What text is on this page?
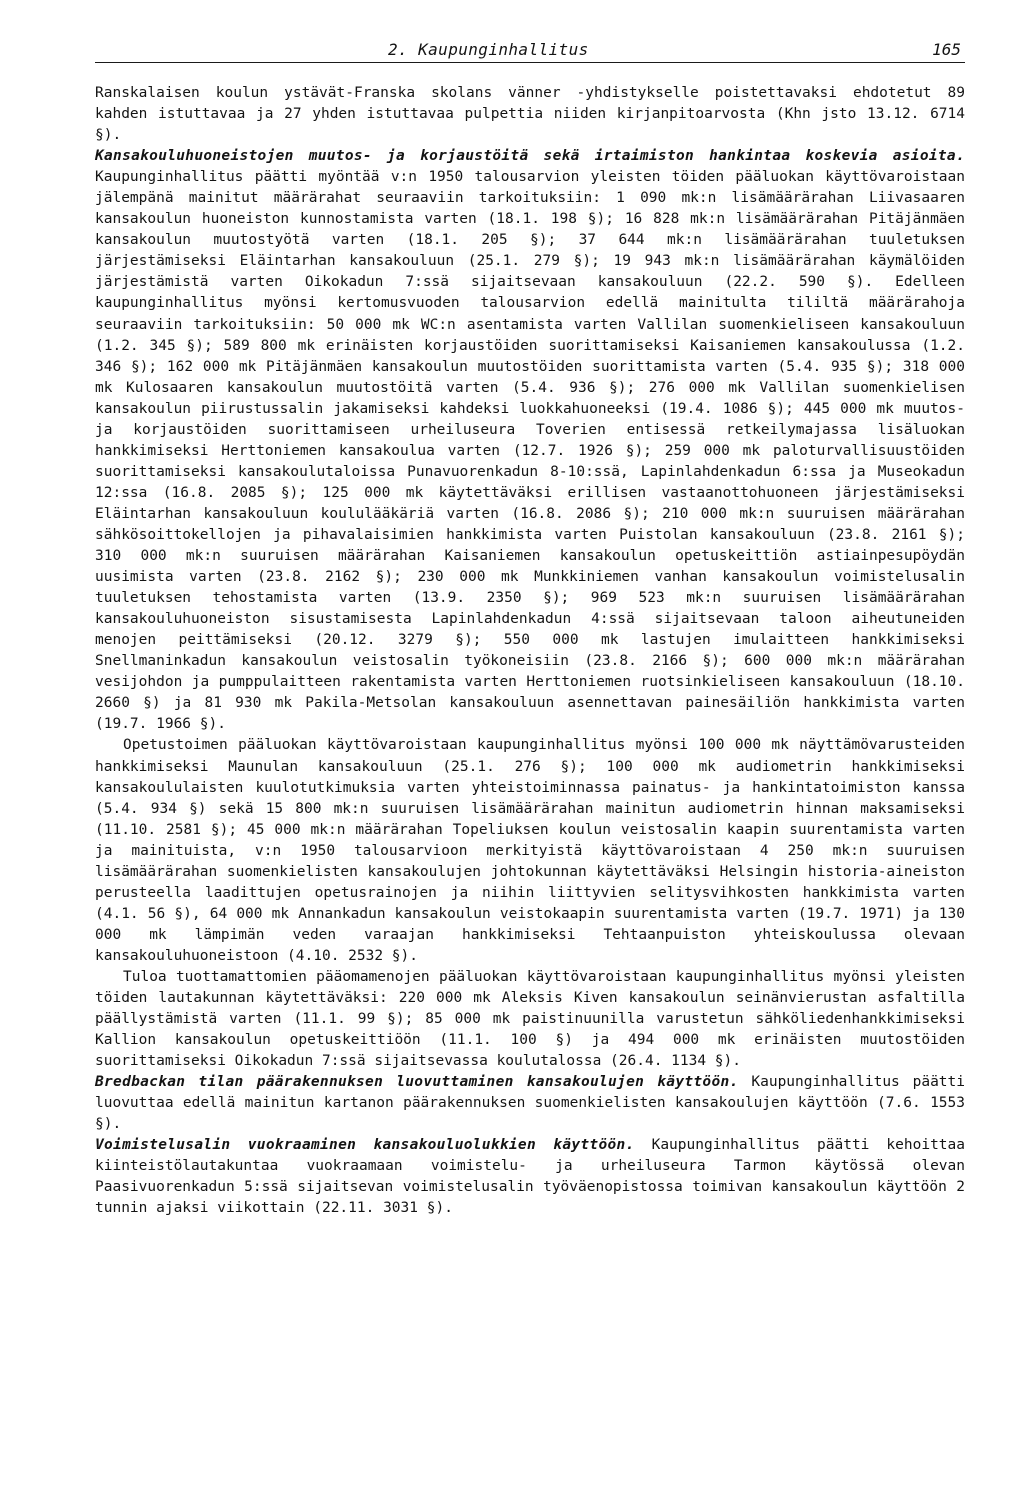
2. Kaupunginhallitus	165

Ranskalaisen koulun ystävät-Franska skolans vänner -yhdistykselle poistettavaksi ehdotetut 89 kahden istuttavaa ja 27 yhden istuttavaa pulpettia niiden kirjanpitoarvosta (Khn jsto 13.12. 6714 §).

Kansakouluhuoneistojen muutos- ja korjaustöitä sekä irtaimiston hankintaa koskevia asioita. Kaupunginhallitus päätti myöntää v:n 1950 talousarvion yleisten töiden pääluokan käyttövaroistaan jälempänä mainitut määrärahat seuraaviin tarkoituksiin: 1 090 mk:n lisämäärärahan Liivasaaren kansakoulun huoneiston kunnostamista varten (18.1. 198 §); 16 828 mk:n lisämäärärahan Pitäjänmäen kansakoulun muutostyötä varten (18.1. 205 §); 37 644 mk:n lisämäärärahan tuuletuksen järjestämiseksi Eläintarhan kansakouluun (25.1. 279 §); 19 943 mk:n lisämäärärahan käymälöiden järjestämistä varten Oikokadun 7:ssä sijaitsevaan kansakouluun (22.2. 590 §). Edelleen kaupunginhallitus myönsi kertomusvuoden talousarvion edellä mainitulta tililtä määrärahoja seuraaviin tarkoituksiin: 50 000 mk WC:n asentamista varten Vallilan suomenkieliseen kansakouluun (1.2. 345 §); 589 800 mk erinäisten korjaustöiden suorittamiseksi Kaisaniemen kansakoulussa (1.2. 346 §); 162 000 mk Pitäjänmäen kansakoulun muutostöiden suorittamista varten (5.4. 935 §); 318 000 mk Kulosaaren kansakoulun muutostöitä varten (5.4. 936 §); 276 000 mk Vallilan suomenkielisen kansakoulun piirustussalin jakamiseksi kahdeksi luokkahuoneeksi (19.4. 1086 §); 445 000 mk muutos- ja korjaustöiden suorittamiseen urheiluseura Toverien entisessä retkeilymajassa lisäluokan hankkimiseksi Herttoniemen kansakoulua varten (12.7. 1926 §); 259 000 mk paloturvallisuustöiden suorittamiseksi kansakoulutaloissa Punavuorenkadun 8-10:ssä, Lapinlahdenkadun 6:ssa ja Museokadun 12:ssa (16.8. 2085 §); 125 000 mk käytettäväksi erillisen vastaanottohuoneen järjestämiseksi Eläintarhan kansakouluun koululääkäriä varten (16.8. 2086 §); 210 000 mk:n suuruisen määrärahan sähkösoittokellojen ja pihavalaisimien hankkimista varten Puistolan kansakouluun (23.8. 2161 §); 310 000 mk:n suuruisen määrärahan Kaisaniemen kansakoulun opetuskeittiön astiainpesupöydän uusimista varten (23.8. 2162 §); 230 000 mk Munkkiniemen vanhan kansakoulun voimistelusalin tuuletuksen tehostamista varten (13.9. 2350 §); 969 523 mk:n suuruisen lisämäärärahan kansakouluhuoneiston sisustamisesta Lapinlahdenkadun 4:ssä sijaitsevaan taloon aiheutuneiden menojen peittämiseksi (20.12. 3279 §); 550 000 mk lastujen imulaitteen hankkimiseksi Snellmaninkadun kansakoulun veistosalin työkoneisiin (23.8. 2166 §); 600 000 mk:n määrärahan vesijohdon ja pumppulaitteen rakentamista varten Herttoniemen ruotsinkieliseen kansakouluun (18.10. 2660 §) ja 81 930 mk Pakila-Metsolan kansakouluun asennettavan painesäiliön hankkimista varten (19.7. 1966 §).

Opetustoimen pääluokan käyttövaroistaan kaupunginhallitus myönsi 100 000 mk näyttämövarusteiden hankkimiseksi Maunulan kansakouluun (25.1. 276 §); 100 000 mk audiometrin hankkimiseksi kansakoululaisten kuulotutkimuksia varten yhteistoiminnassa painatus- ja hankintatoimiston kanssa (5.4. 934 §) sekä 15 800 mk:n suuruisen lisämäärärahan mainitun audiometrin hinnan maksamiseksi (11.10. 2581 §); 45 000 mk:n määrärahan Topeliuksen koulun veistosalin kaapin suurentamista varten ja mainituista, v:n 1950 talousarvioon merkityistä käyttövaroistaan 4 250 mk:n suuruisen lisämäärärahan suomenkielisten kansakoulujen johtokunnan käytettäväksi Helsingin historia-aineiston perusteella laadittujen opetusrainojen ja niihin liittyvien selitysvihkosten hankkimista varten (4.1. 56 §), 64 000 mk Annankadun kansakoulun veistokaapin suurentamista varten (19.7. 1971) ja 130 000 mk lämpimän veden varaajan hankkimiseksi Tehtaanpuiston yhteiskoulussa olevaan kansakouluhuoneistoon (4.10. 2532 §).

Tuloa tuottamattomien pääomamenojen pääluokan käyttövaroistaan kaupunginhallitus myönsi yleisten töiden lautakunnan käytettäväksi: 220 000 mk Aleksis Kiven kansakoulun seinänvierustan asfaltilla päällystämistä varten (11.1. 99 §); 85 000 mk paistinuunilla varustetun sähköliedenhankkimiseksi Kallion kansakoulun opetuskeittiöön (11.1. 100 §) ja 494 000 mk erinäisten muutostöiden suorittamiseksi Oikokadun 7:ssä sijaitsevassa koulutalossa (26.4. 1134 §).

Bredbackan tilan päärakennuksen luovuttaminen kansakoulujen käyttöön. Kaupunginhallitus päätti luovuttaa edellä mainitun kartanon päärakennuksen suomenkielisten kansakoulujen käyttöön (7.6. 1553 §).

Voimistelusalin vuokraaminen kansakouluolukkien käyttöön. Kaupunginhallitus päätti kehoittaa kiinteistölautakuntaa vuokraamaan voimistelu- ja urheiluseura Tarmon käytössä olevan Paasivuorenkadun 5:ssä sijaitsevan voimistelusalin työväenopistossa toimivan kansakoulun käyttöön 2 tunnin ajaksi viikottain (22.11. 3031 §).
